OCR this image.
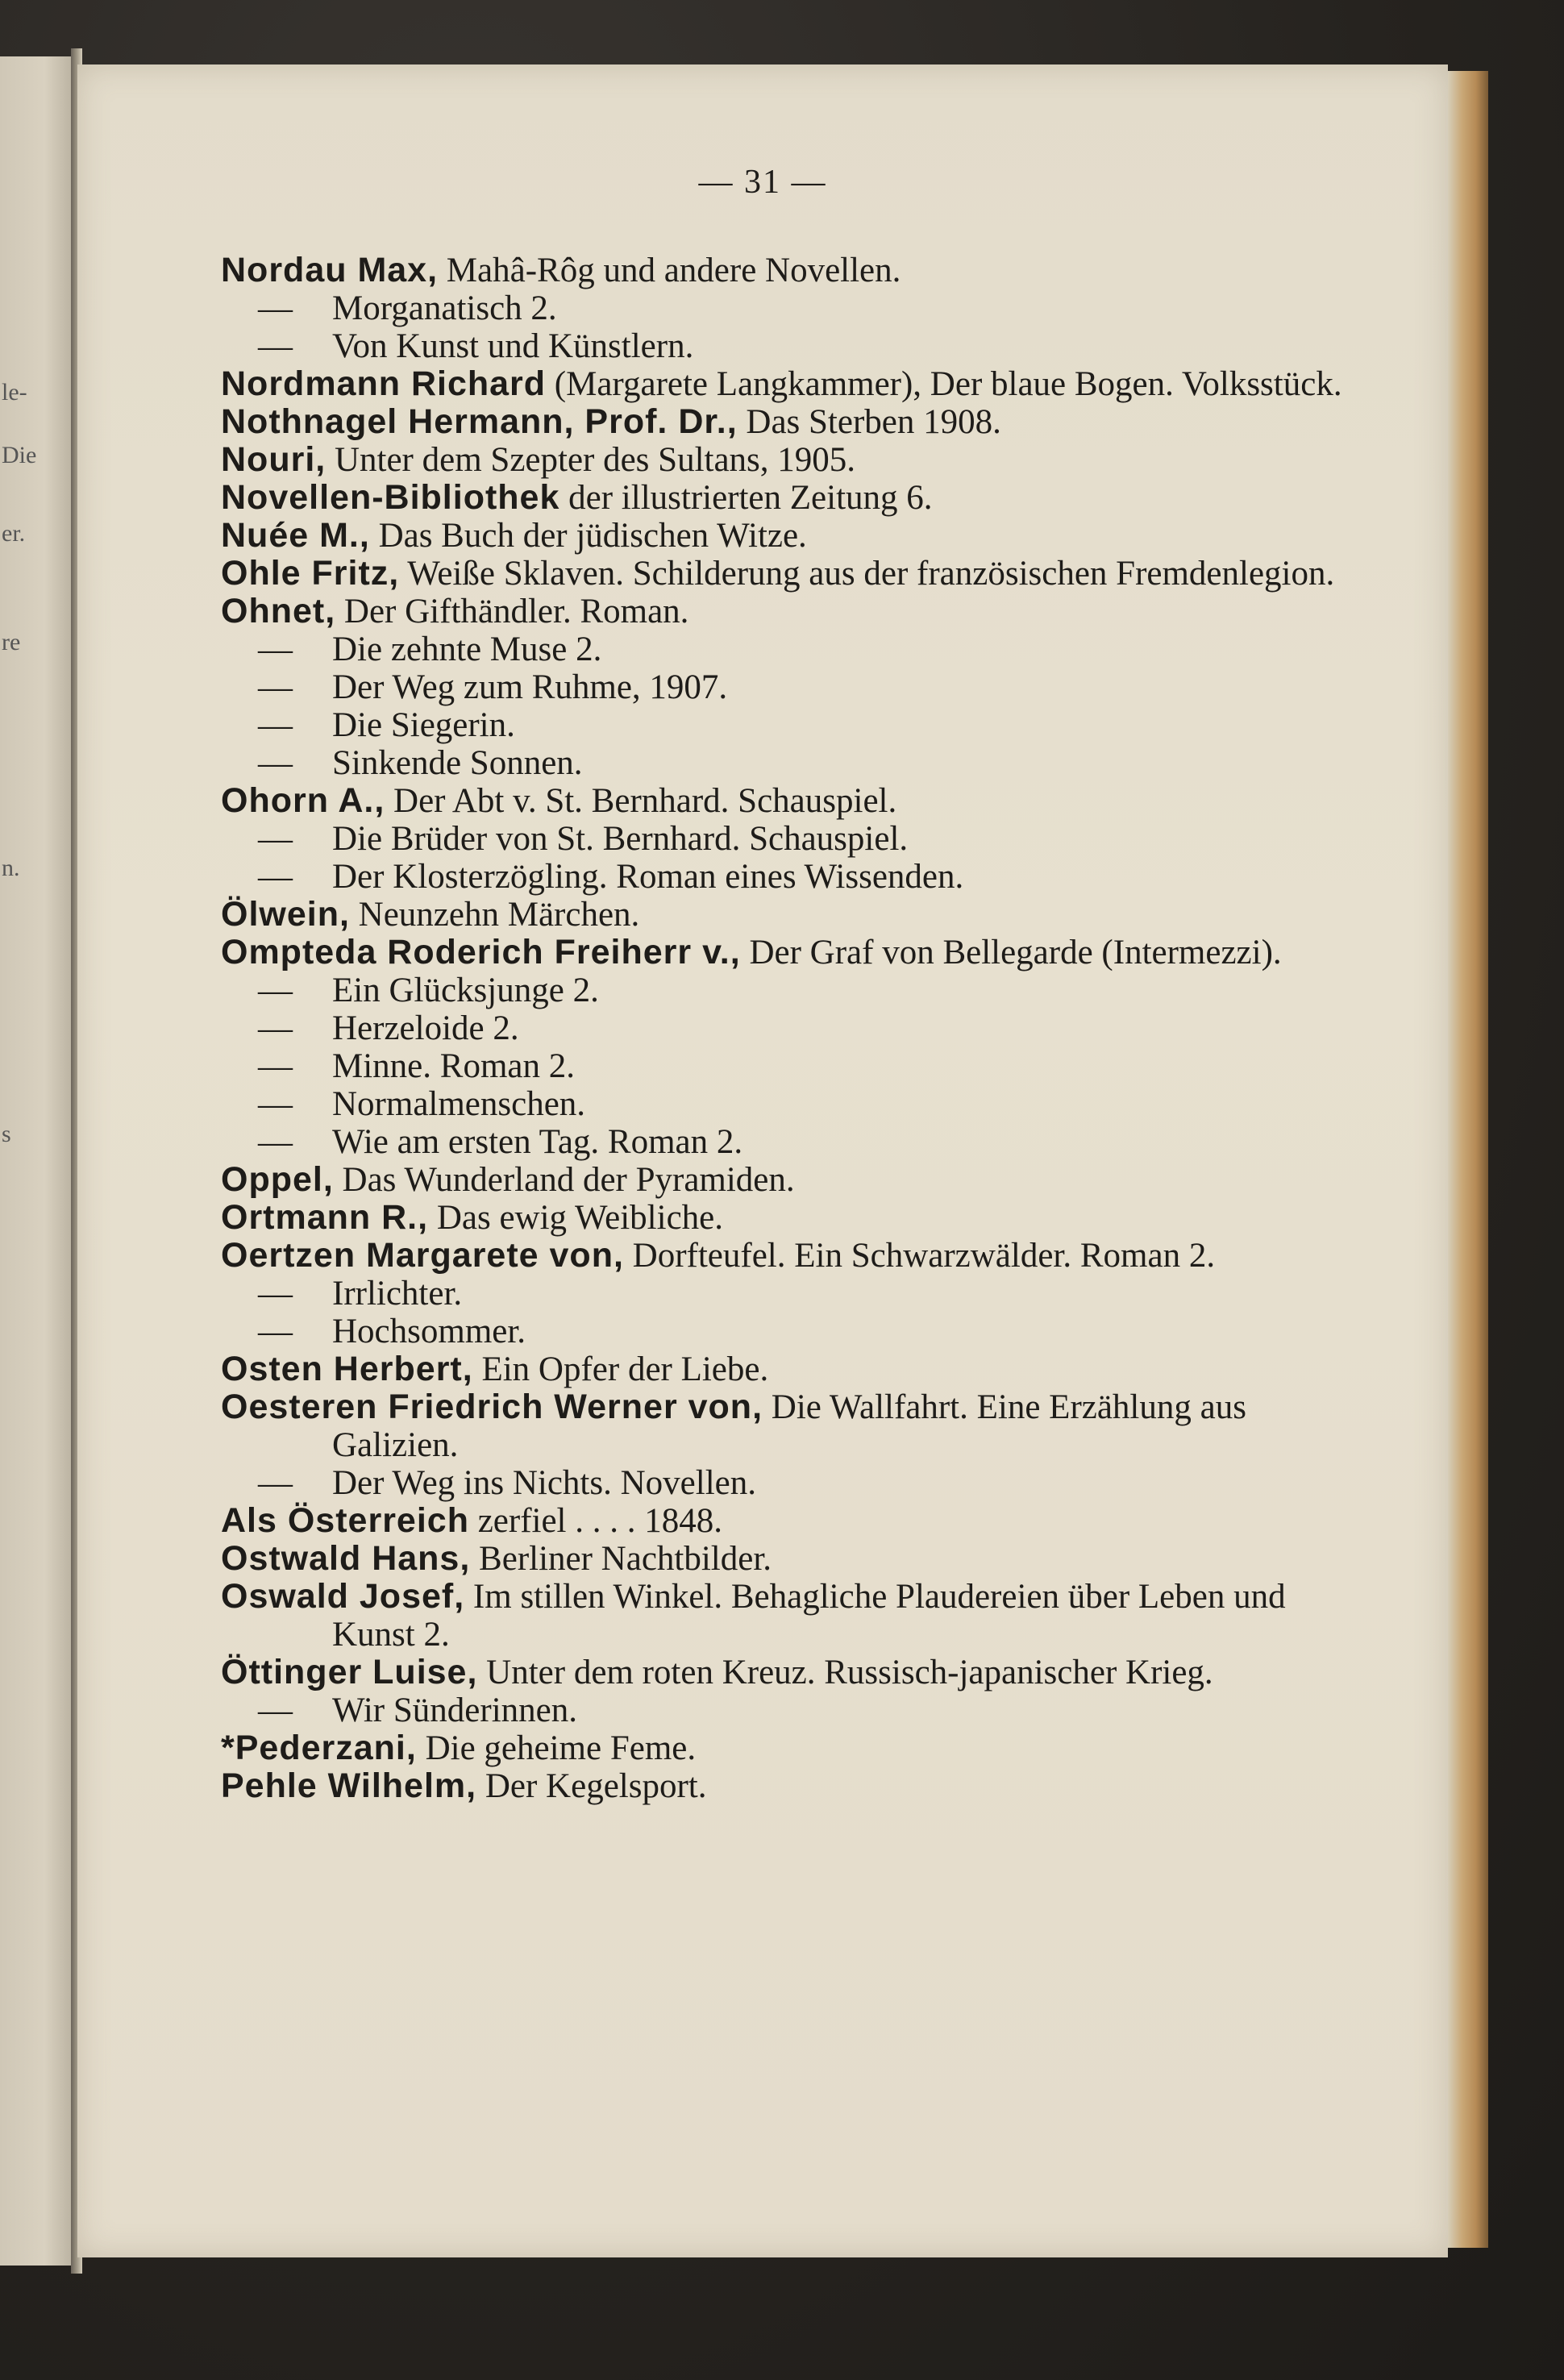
le-
Die
er.
re
n.
s
— 31 —
Nordau Max, Mahâ-Rôg und andere Novellen.
— Morganatisch 2.
— Von Kunst und Künstlern.
Nordmann Richard (Margarete Langkammer), Der blaue Bogen. Volksstück.
Nothnagel Hermann, Prof. Dr., Das Sterben 1908.
Nouri, Unter dem Szepter des Sultans, 1905.
Novellen-Bibliothek der illustrierten Zeitung 6.
Nuée M., Das Buch der jüdischen Witze.
Ohle Fritz, Weiße Sklaven. Schilderung aus der französischen Fremdenlegion.
Ohnet, Der Gifthändler. Roman.
— Die zehnte Muse 2.
— Der Weg zum Ruhme, 1907.
— Die Siegerin.
— Sinkende Sonnen.
Ohorn A., Der Abt v. St. Bernhard. Schauspiel.
— Die Brüder von St. Bernhard. Schauspiel.
— Der Klosterzögling. Roman eines Wissenden.
Ölwein, Neunzehn Märchen.
Ompteda Roderich Freiherr v., Der Graf von Bellegarde (Intermezzi).
— Ein Glücksjunge 2.
— Herzeloide 2.
— Minne. Roman 2.
— Normalmenschen.
— Wie am ersten Tag. Roman 2.
Oppel, Das Wunderland der Pyramiden.
Ortmann R., Das ewig Weibliche.
Oertzen Margarete von, Dorfteufel. Ein Schwarzwälder. Roman 2.
— Irrlichter.
— Hochsommer.
Osten Herbert, Ein Opfer der Liebe.
Oesteren Friedrich Werner von, Die Wallfahrt. Eine Erzählung aus Galizien.
— Der Weg ins Nichts. Novellen.
Als Österreich zerfiel . . . . 1848.
Ostwald Hans, Berliner Nachtbilder.
Oswald Josef, Im stillen Winkel. Behagliche Plaudereien über Leben und Kunst 2.
Öttinger Luise, Unter dem roten Kreuz. Russisch-japanischer Krieg.
— Wir Sünderinnen.
*Pederzani, Die geheime Feme.
Pehle Wilhelm, Der Kegelsport.
